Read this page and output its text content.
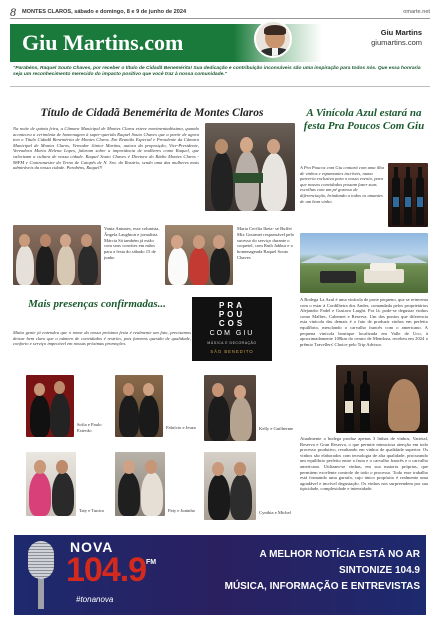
8 MONTES CLAROS, sábado e domingo, 8 e 9 de junho de 2024	omarte.net
Giu Martins.com	Giu Martins
giumartins.com
"Parabéns, Raquel Souto Chaves, por receber o título de Cidadã Benemérita! Sua dedicação e contribuição inconsáveis são uma inspiração para todos nós. Que essa honraria seja um reconhecimento merecido do impacto positivo que você traz à nossa comunidade."
Título de Cidadã Benemérita de Montes Claros
Na noite de quinta feira, a Câmara Municipal de Montes Claros esteve movimentadíssima, quando aconteceu a cerimônia de homenagem à super-querida Raquel Souto Chaves que a partir de agora tem o Título Cidadã Benemérita de Montes Claros. Em Reunião Especial e Presidente da Câmara Municipal de Montes Claros, Vereador Júnior Martins, autora da proposição, Vice-Presidente, Vereadora Maria Helena Lopes, falaram sobre a importância de mulheres como Raquel, que valorizam a cultura de nossa cidade. Raquel Souto Chaves é Diretora do Rádio Montes Claros - 98FM e Contramestre do Terno de Catopês de N. Sra. do Rosário, sendo uma das mulheres mais admiráveis da nossa cidade. Parabéns, Raquel!!
Vania Antunes, esse colunista, Ângela Laughton e jornalista Márcia Sá também já estão com seus convites em mãos para a festa do sábado 15 de junho
Maria Cecília Ikeia- se Buffet Mix Gourmet responsável pelo sucesso do serviço durante o coquetel, com Ruth Jabbur e a homenageada Raquel Souto Chaves
Mais presenças confirmadas...
Muita gente já entendeu que o nome da nossa próxima festa é realmente um fato, precisamos deixar bem claro que o número de convidados é restrito, pois faremos questão de qualidade, conforto e serviço impecável em nossas próximas promoções.
PRA
POU
COS
COM GIU
MÚSICA E DECORAÇÃO
SÃO BENEDITO
Sofia e Paulo Estevão
Fabrício e Jeuza	Kelly e Guilherme
Taty e Tunico	Paty e Juninho	Cynthia e Michel
A Vinícola Azul estará na festa Pra Poucos Com Giu
A Pra Poucos com Giu contará com uma ilha de vinhos e espumantes incríveis, numa parceria exclusiva para o nosso evento, para que nossos convidados possam fazer suas escolhas com um pé gostoso de diferenciação, brindando a todos os amantes de um bom vinho.
A Bodega La Azul é uma vinícola de porte pequeno, que se reinventa com o estar à Cordilheira dos Andes, comandada pelos proprietários Alejandro Fadel e Gustavo Larghi. Por lá, pode-se degustar vinhos como Malbec, Cabernet e Reserva. Um dos pontos que diferencia esta vinícola das demais é o fato de produzir vinhos em perfeito equilíbrio, mesclando o carvalho francês com o americano. A pequena vinícola boutique localizada em Valle de Uco, à aproximadamente 100km do centro de Mendoza, recebeu em 2024 o prêmio Travellers' Choice pelo Trip Advisor.
Atualmente a bodega produz apenas 3 linhas de vinhos, Varietal, Reserva e Gran Reserva, o que permite minuciosa atenção em todo processo produtivo, resultando em vinhos de qualidade superior. Os vinhos são elaborados com tecnologia de alta qualidade, procurando um equilíbrio perfeito entre a fruta e o carvalho francês e o carvalho americano. Utilizam-se vinhas, em sua maioria próprias, que permitem excelente controle de todo o processo. Todo esse trabalho está formando uma garrafa, cujo único propósito é realmente uma agradável e incrível degustação. Os vinhos nos surpreendem por sua tipicidade, complexidade e intensidade.
NOVA
104.9 FM
#tonanova
A MELHOR NOTÍCIA ESTÁ NO AR
SINTONIZE 104.9
MÚSICA, INFORMAÇÃO E ENTREVISTAS
